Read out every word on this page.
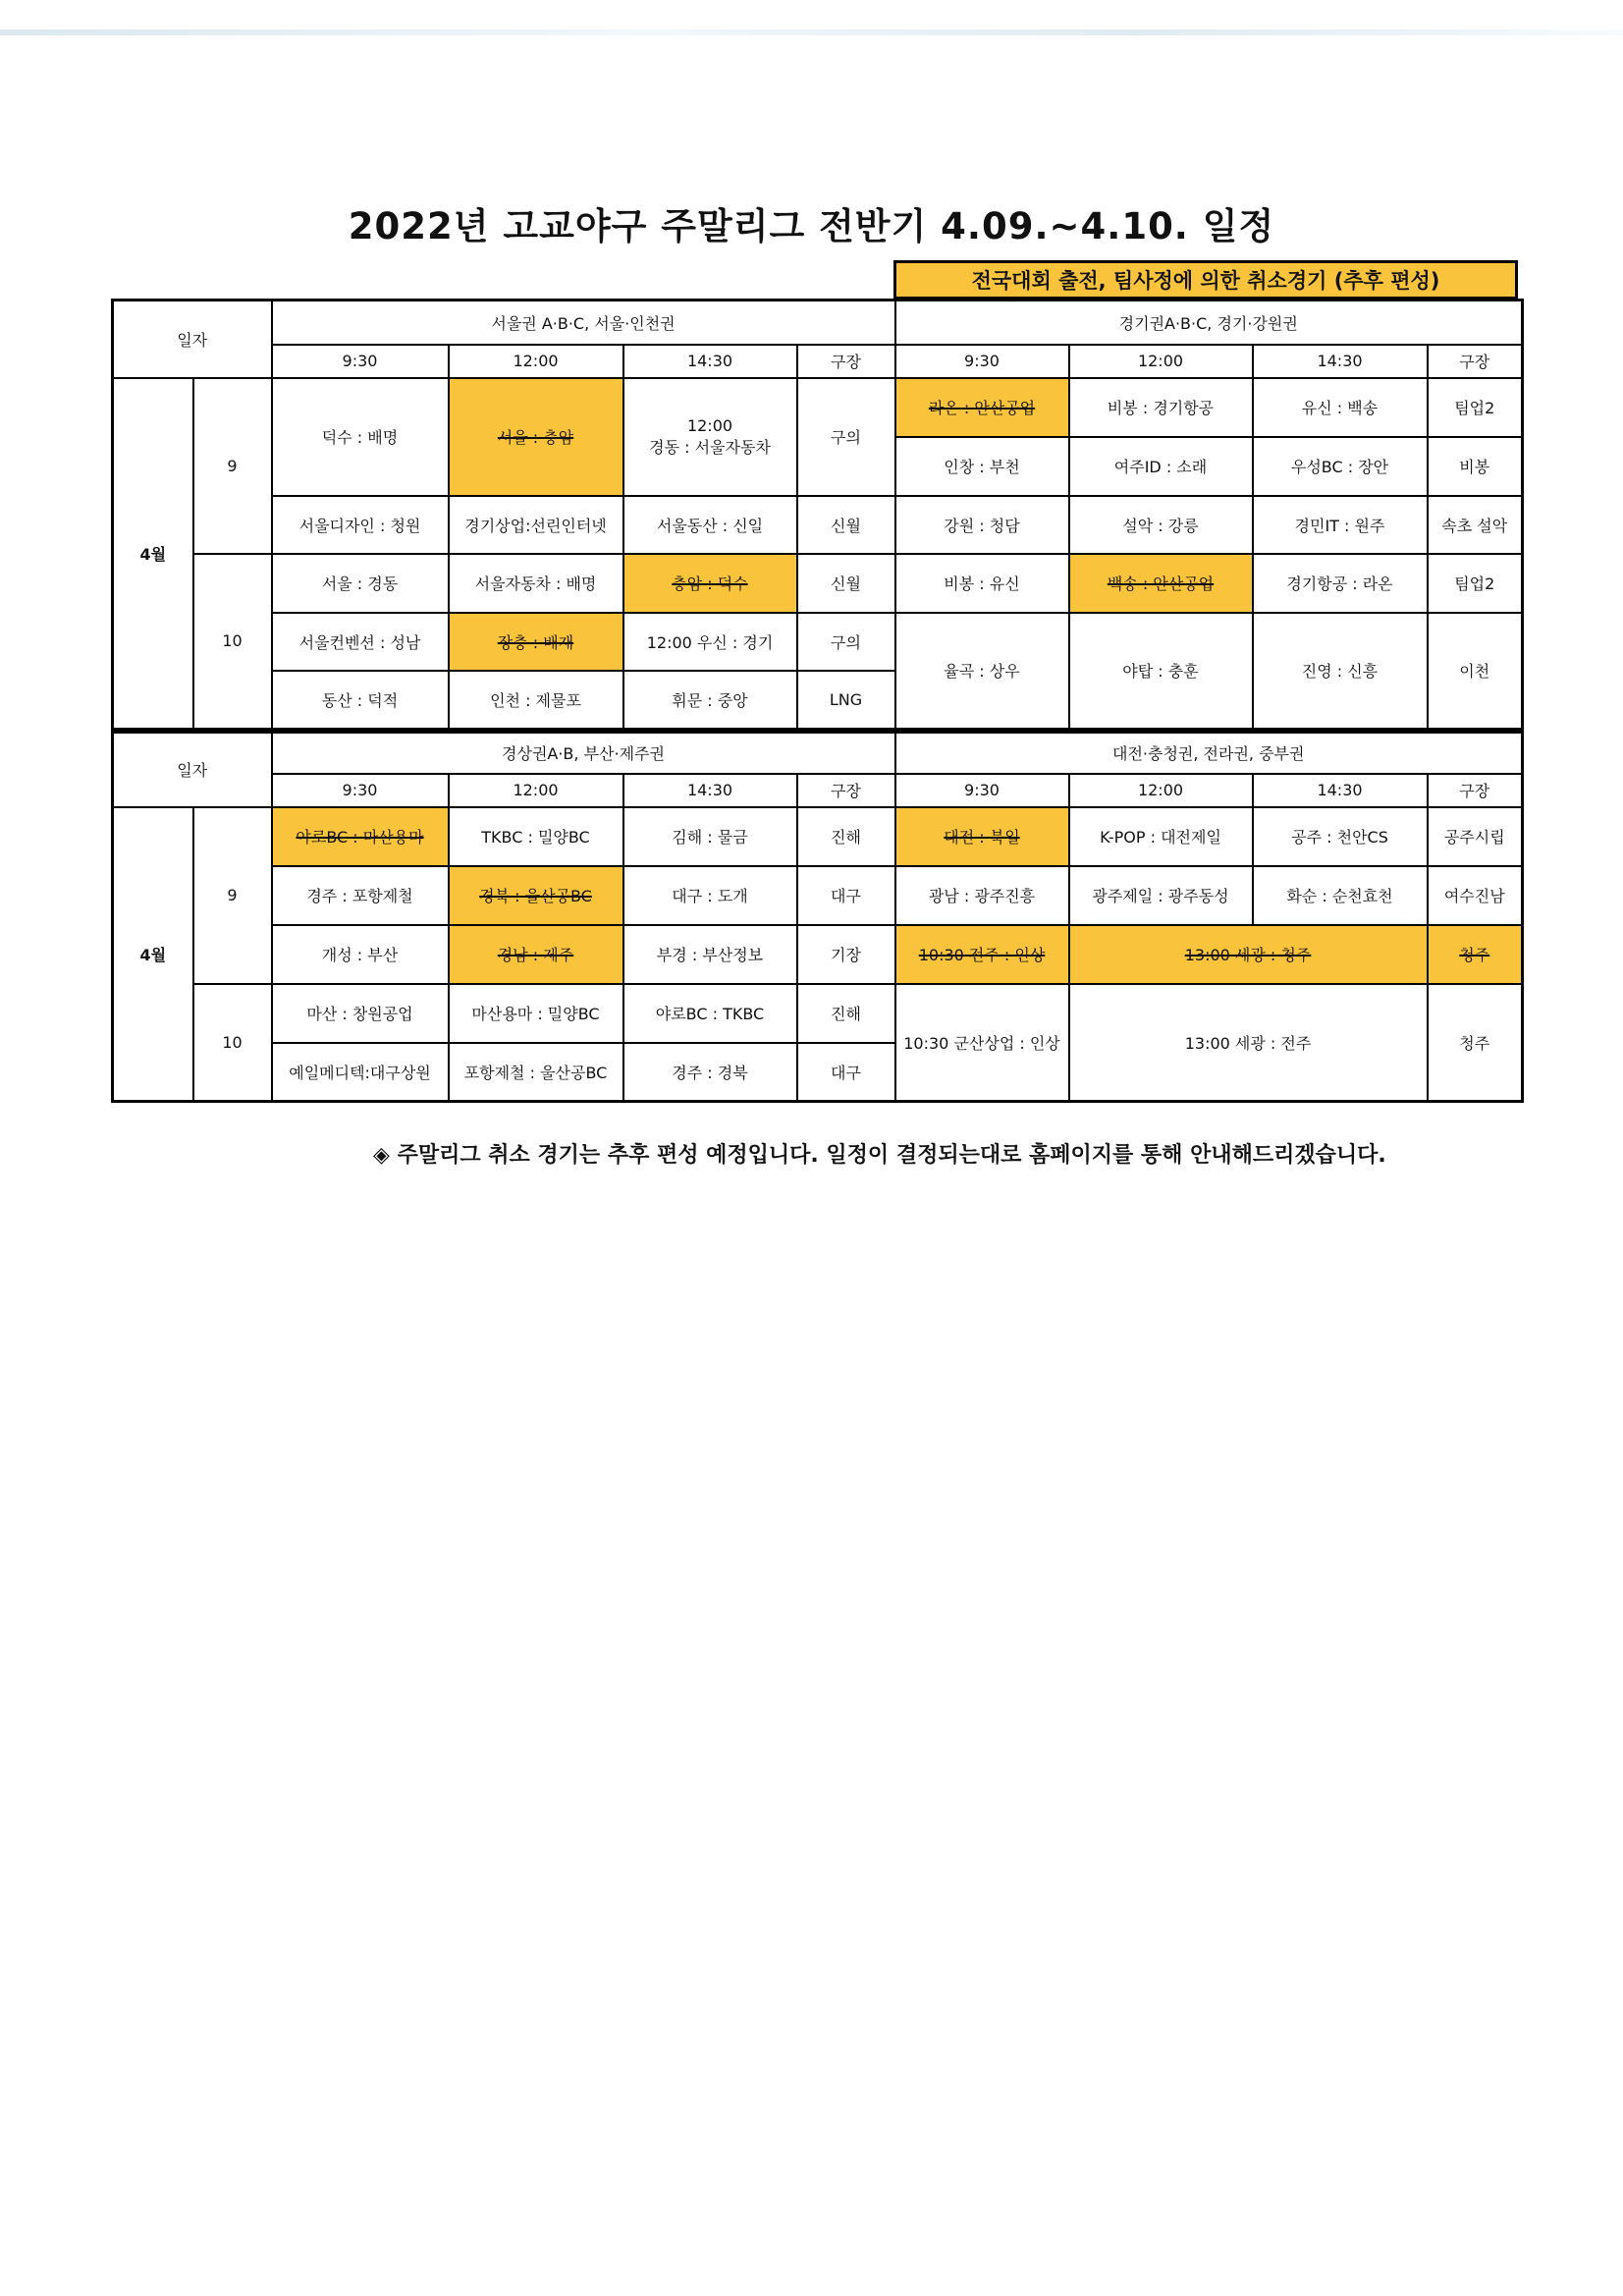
2022년 고교야구 주말리그 전반기 4.09.~4.10. 일정
전국대회 출전, 팀사정에 의한 취소경기 (추후 편성)
일자		서울권 A·B·C, 서울·인천권				경기권A·B·C, 경기·강원권			
		9:30	12:00	14:30	구장	9:30	12:00	14:30	구장
4월	9	덕수 : 배명	서울 : 충암	12:00
경동 : 서울자동차	구의	라온 : 안산공업	비봉 : 경기항공	유신 : 백송	팀업2
						인창 : 부천	여주ID : 소래	우성BC : 장안	비봉
		서울디자인 : 청원	경기상업:선린인터넷	서울동산 : 신일	신월	강원 : 청담	설악 : 강릉	경민IT : 원주	속초 설악
	10	서울 : 경동	서울자동차 : 배명	충암 : 덕수	신월	비봉 : 유신	백송 : 안산공업	경기항공 : 라온	팀업2
		서울컨벤션 : 성남	장충 : 배재	12:00 우신 : 경기	구의	율곡 : 상우	야탑 : 충훈	진영 : 신흥	이천
		동산 : 덕적	인천 : 제물포	휘문 : 중앙	LNG				
일자		경상권A·B, 부산·제주권				대전·충청권, 전라권, 중부권			
		9:30	12:00	14:30	구장	9:30	12:00	14:30	구장
4월	9	야로BC : 마산용마	TKBC : 밀양BC	김해 : 물금	진해	대전 : 북일	K-POP : 대전제일	공주 : 천안CS	공주시립
		경주 : 포항제철	경북 : 울산공BC	대구 : 도개	대구	광남 : 광주진흥	광주제일 : 광주동성	화순 : 순천효천	여수진남
		개성 : 부산	경남 : 제주	부경 : 부산정보	기장	10:30 전주 : 인상	13:00 세광 : 청주		청주
	10	마산 : 창원공업	마산용마 : 밀양BC	야로BC : TKBC	진해	10:30 군산상업 : 인상	13:00 세광 : 전주		청주
		예일메디텍:대구상원	포항제철 : 울산공BC	경주 : 경북	대구				
◈ 주말리그 취소 경기는 추후 편성 예정입니다. 일정이 결정되는대로 홈페이지를 통해 안내해드리겠습니다.
